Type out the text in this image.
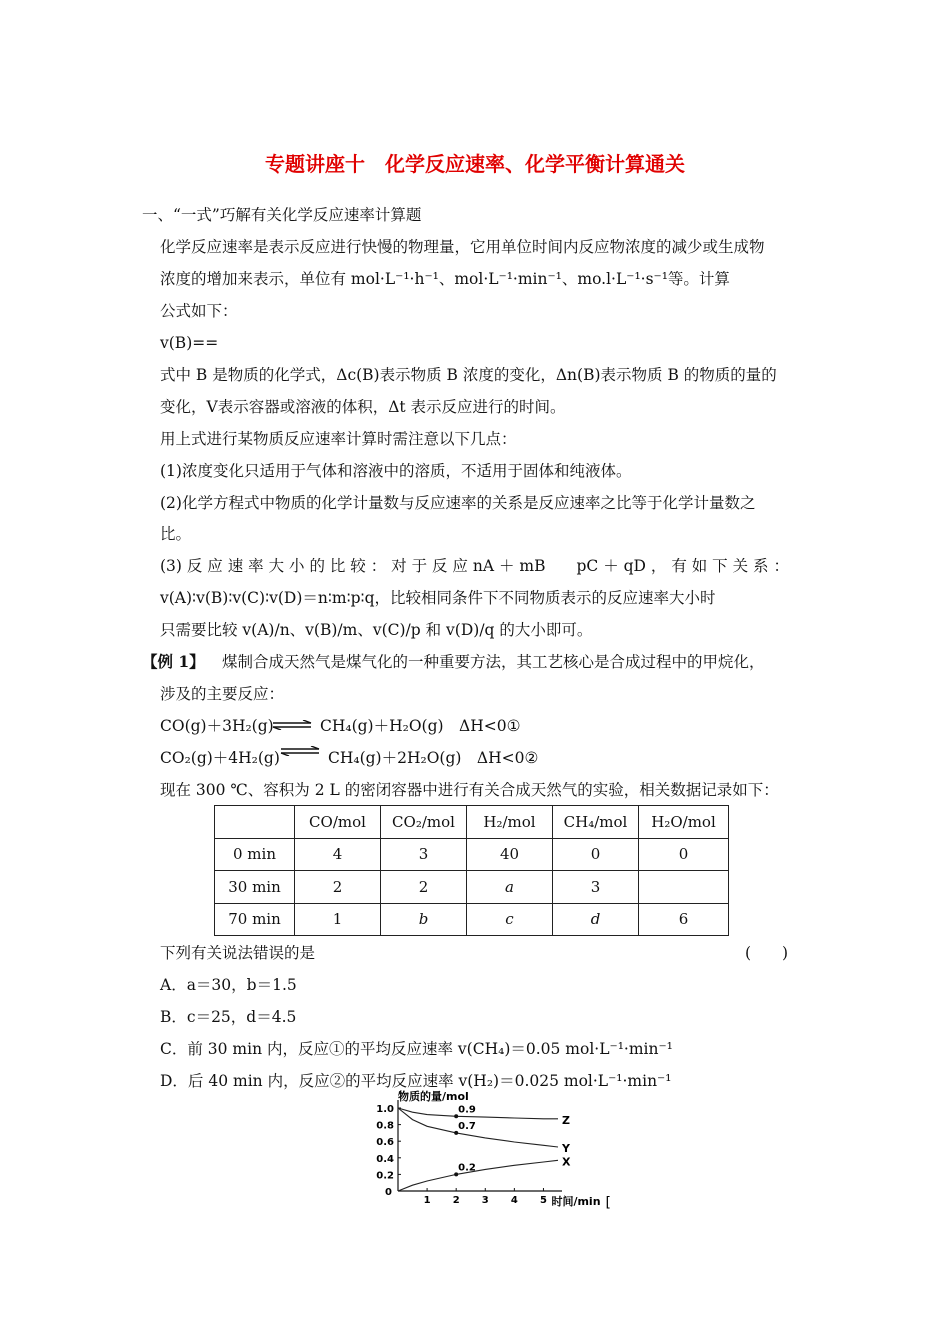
专题讲座十　化学反应速率、化学平衡计算通关
一、“一式”巧解有关化学反应速率计算题
化学反应速率是表示反应进行快慢的物理量，它用单位时间内反应物浓度的减少或生成物
浓度的增加来表示，单位有 mol·L⁻¹·h⁻¹、mol·L⁻¹·min⁻¹、mo.l·L⁻¹·s⁻¹等。计算
公式如下：
v(B)==
式中 B 是物质的化学式，Δc(B)表示物质 B 浓度的变化，Δn(B)表示物质 B 的物质的量的
变化，V表示容器或溶液的体积，Δt 表示反应进行的时间。
用上式进行某物质反应速率计算时需注意以下几点：
(1)浓度变化只适用于气体和溶液中的溶质，不适用于固体和纯液体。
(2)化学方程式中物质的化学计量数与反应速率的关系是反应速率之比等于化学计量数之
比。
(3) 反 应 速 率 大 小 的 比 较 ： 对 于 反 应 nA ＋ mB　　pC ＋ qD ， 有 如 下 关 系 ：
v(A)∶v(B)∶v(C)∶v(D)＝n∶m∶p∶q，比较相同条件下不同物质表示的反应速率大小时
只需要比较 v(A)/n、v(B)/m、v(C)/p 和 v(D)/q 的大小即可。
【例 1】 煤制合成天然气是煤气化的一种重要方法，其工艺核心是合成过程中的甲烷化，
涉及的主要反应：
CO(g)＋3H₂(g) ⇌ CH₄(g)＋H₂O(g)　ΔH<0①
CO₂(g)＋4H₂(g) ⇌ CH₄(g)＋2H₂O(g)　ΔH<0②
现在 300 ℃、容积为 2 L 的密闭容器中进行有关合成天然气的实验，相关数据记录如下：
	CO/mol	CO₂/mol	H₂/mol	CH₄/mol	H₂O/mol
0 min	4	3	40	0	0
30 min	2	2	a	3	
70 min	1	b	c	d	6
下列有关说法错误的是	(　　)
A．a＝30，b＝1.5
B．c＝25，d＝4.5
C．前 30 min 内，反应①的平均反应速率 v(CH₄)＝0.05 mol·L⁻¹·min⁻¹
D．后 40 min 内，反应②的平均反应速率 v(H₂)＝0.025 mol·L⁻¹·min⁻¹
物质的量/mol
1.0
0.8
0.6
0.4
0.2
0
1 2 3 4 5 时间/min [
Z
Y
X
0.9
0.7
0.2
